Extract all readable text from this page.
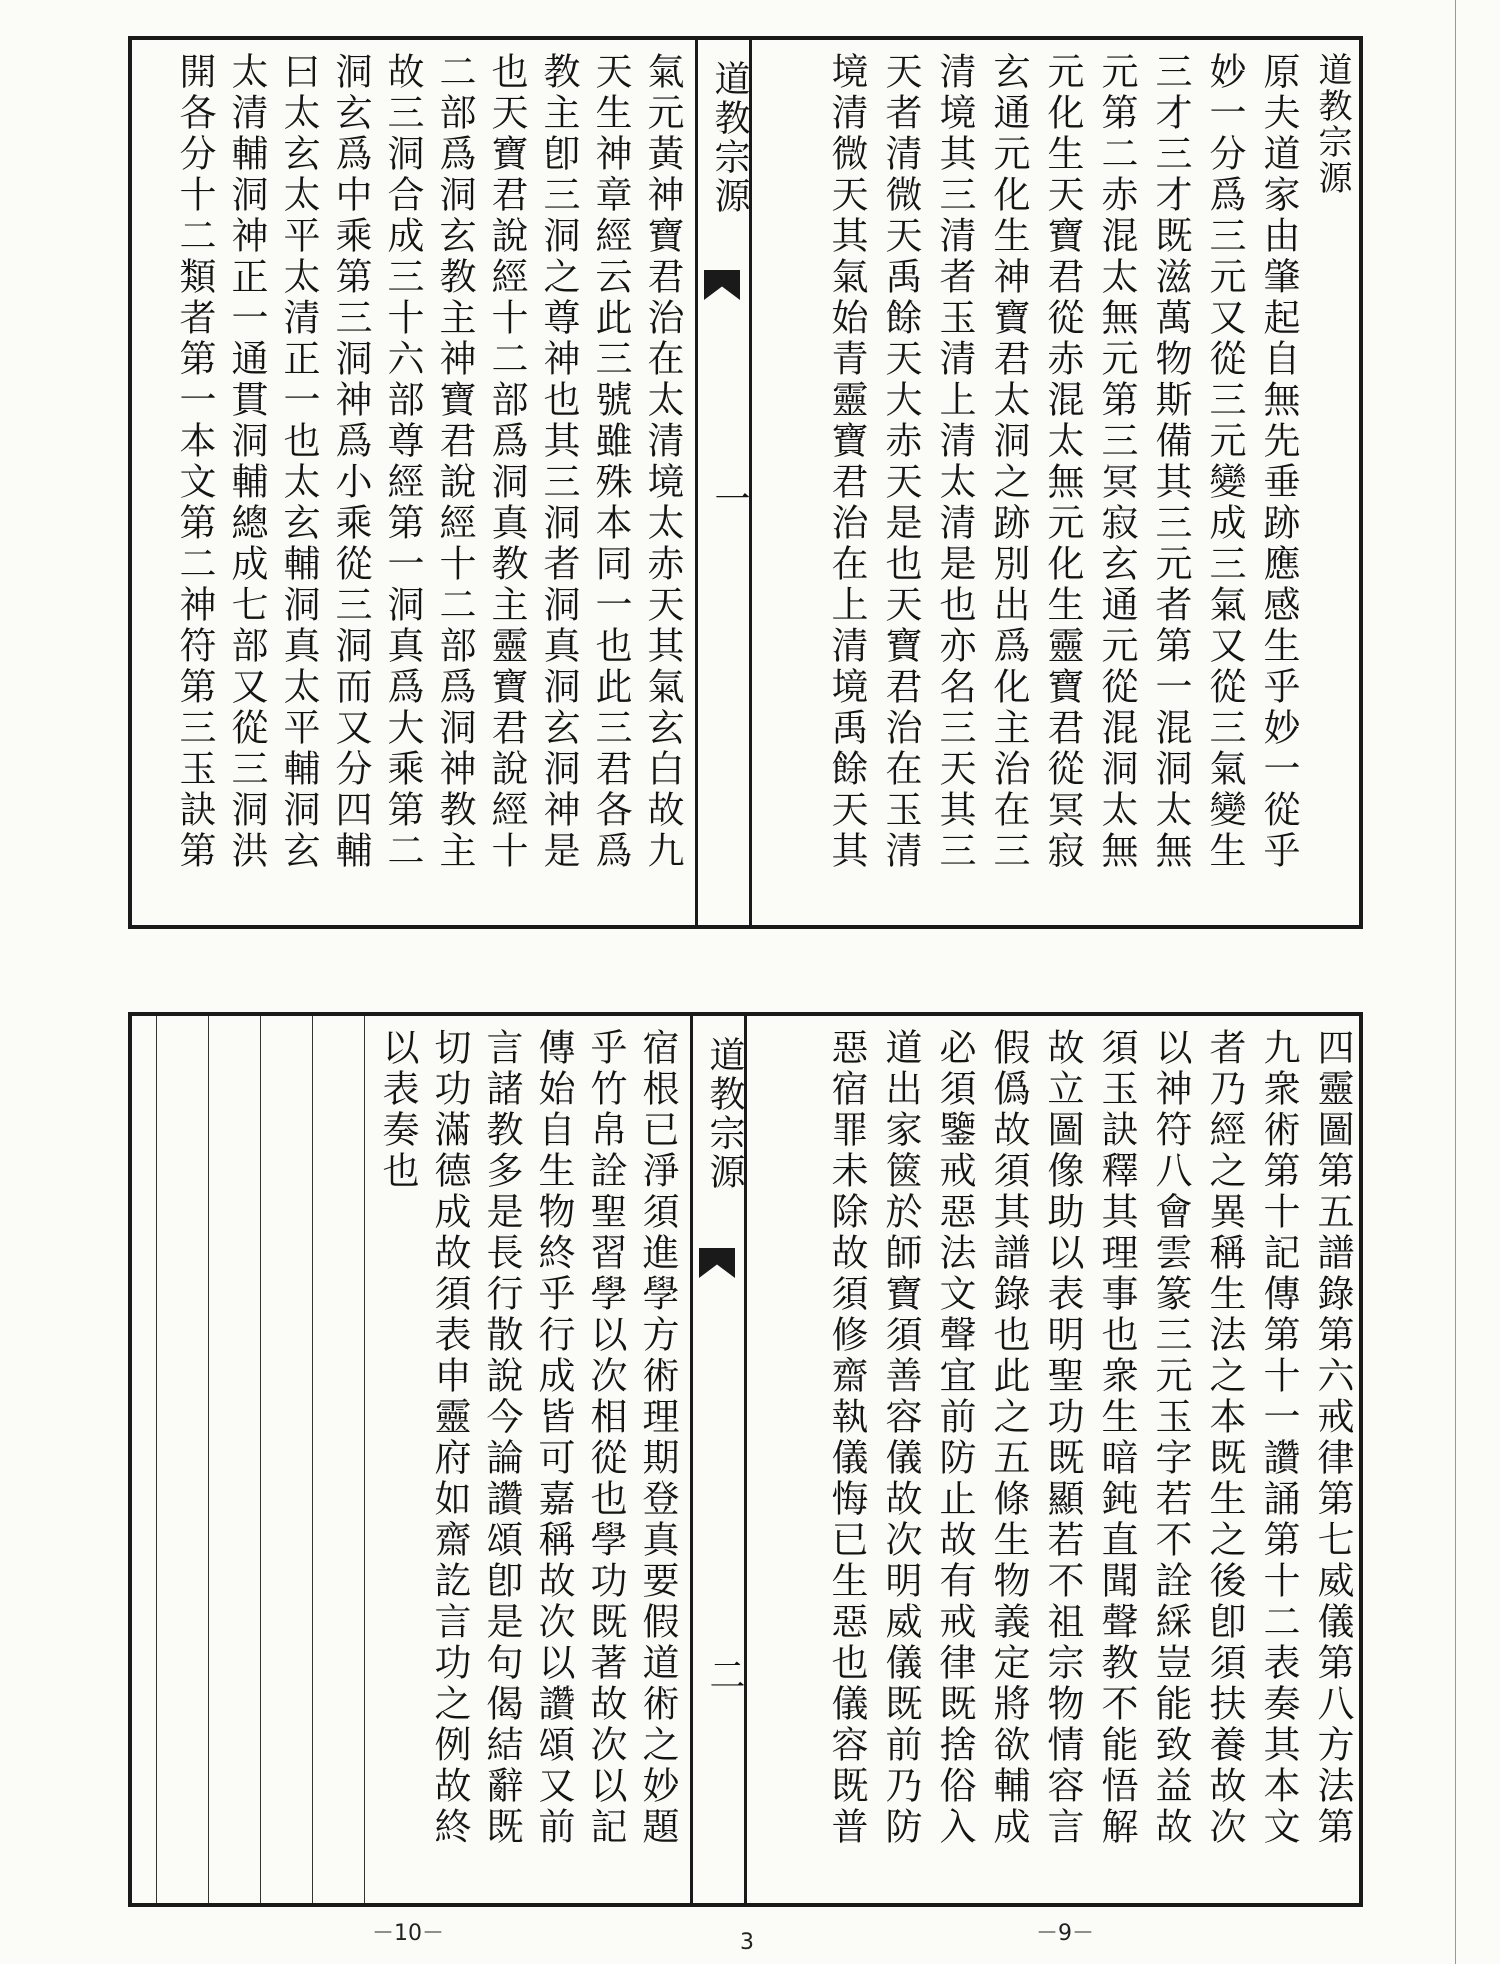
道教宗源
原夫道家由肇起自無先垂跡應感生乎妙一從乎
妙一分爲三元又從三元變成三氣又從三氣變生
三才三才既滋萬物斯備其三元者第一混洞太無
元第二赤混太無元第三冥寂玄通元從混洞太無
元化生天寶君從赤混太無元化生靈寶君從冥寂
玄通元化生神寶君太洞之跡別出爲化主治在三
清境其三清者玉清上清太清是也亦名三天其三
天者清微天禹餘天大赤天是也天寶君治在玉清
境清微天其氣始青靈寶君治在上清境禹餘天其
道教宗源
一
氣元黃神寶君治在太清境太赤天其氣玄白故九
天生神章經云此三號雖殊本同一也此三君各爲
教主卽三洞之尊神也其三洞者洞真洞玄洞神是
也天寶君說經十二部爲洞真教主靈寶君說經十
二部爲洞玄教主神寶君說經十二部爲洞神教主
故三洞合成三十六部尊經第一洞真爲大乘第二
洞玄爲中乘第三洞神爲小乘從三洞而又分四輔
曰太玄太平太清正一也太玄輔洞真太平輔洞玄
太清輔洞神正一通貫洞輔總成七部又從三洞洪
開各分十二類者第一本文第二神符第三玉訣第
四靈圖第五譜錄第六戒律第七威儀第八方法第
九衆術第十記傳第十一讚誦第十二表奏其本文
者乃經之異稱生法之本既生之後卽須扶養故次
以神符八會雲篆三元玉字若不詮綵豈能致益故
須玉訣釋其理事也衆生暗鈍直聞聲教不能悟解
故立圖像助以表明聖功既顯若不祖宗物情容言
假僞故須其譜錄也此之五條生物義定將欲輔成
必須鑒戒惡法文聲宜前防止故有戒律既捨俗入
道出家篋於師寶須善容儀故次明威儀既前乃防
惡宿罪未除故須修齋執儀悔已生惡也儀容既普
道教宗源
二
宿根已淨須進學方術理期登真要假道術之妙題
乎竹帛詮聖習學以次相從也學功既著故次以記
傳始自生物終乎行成皆可嘉稱故次以讚頌又前
言諸教多是長行散說今論讚頌卽是句偈結辭既
切功滿德成故須表申靈府如齋訖言功之例故終
以表奏也
－10－	3	－9－
